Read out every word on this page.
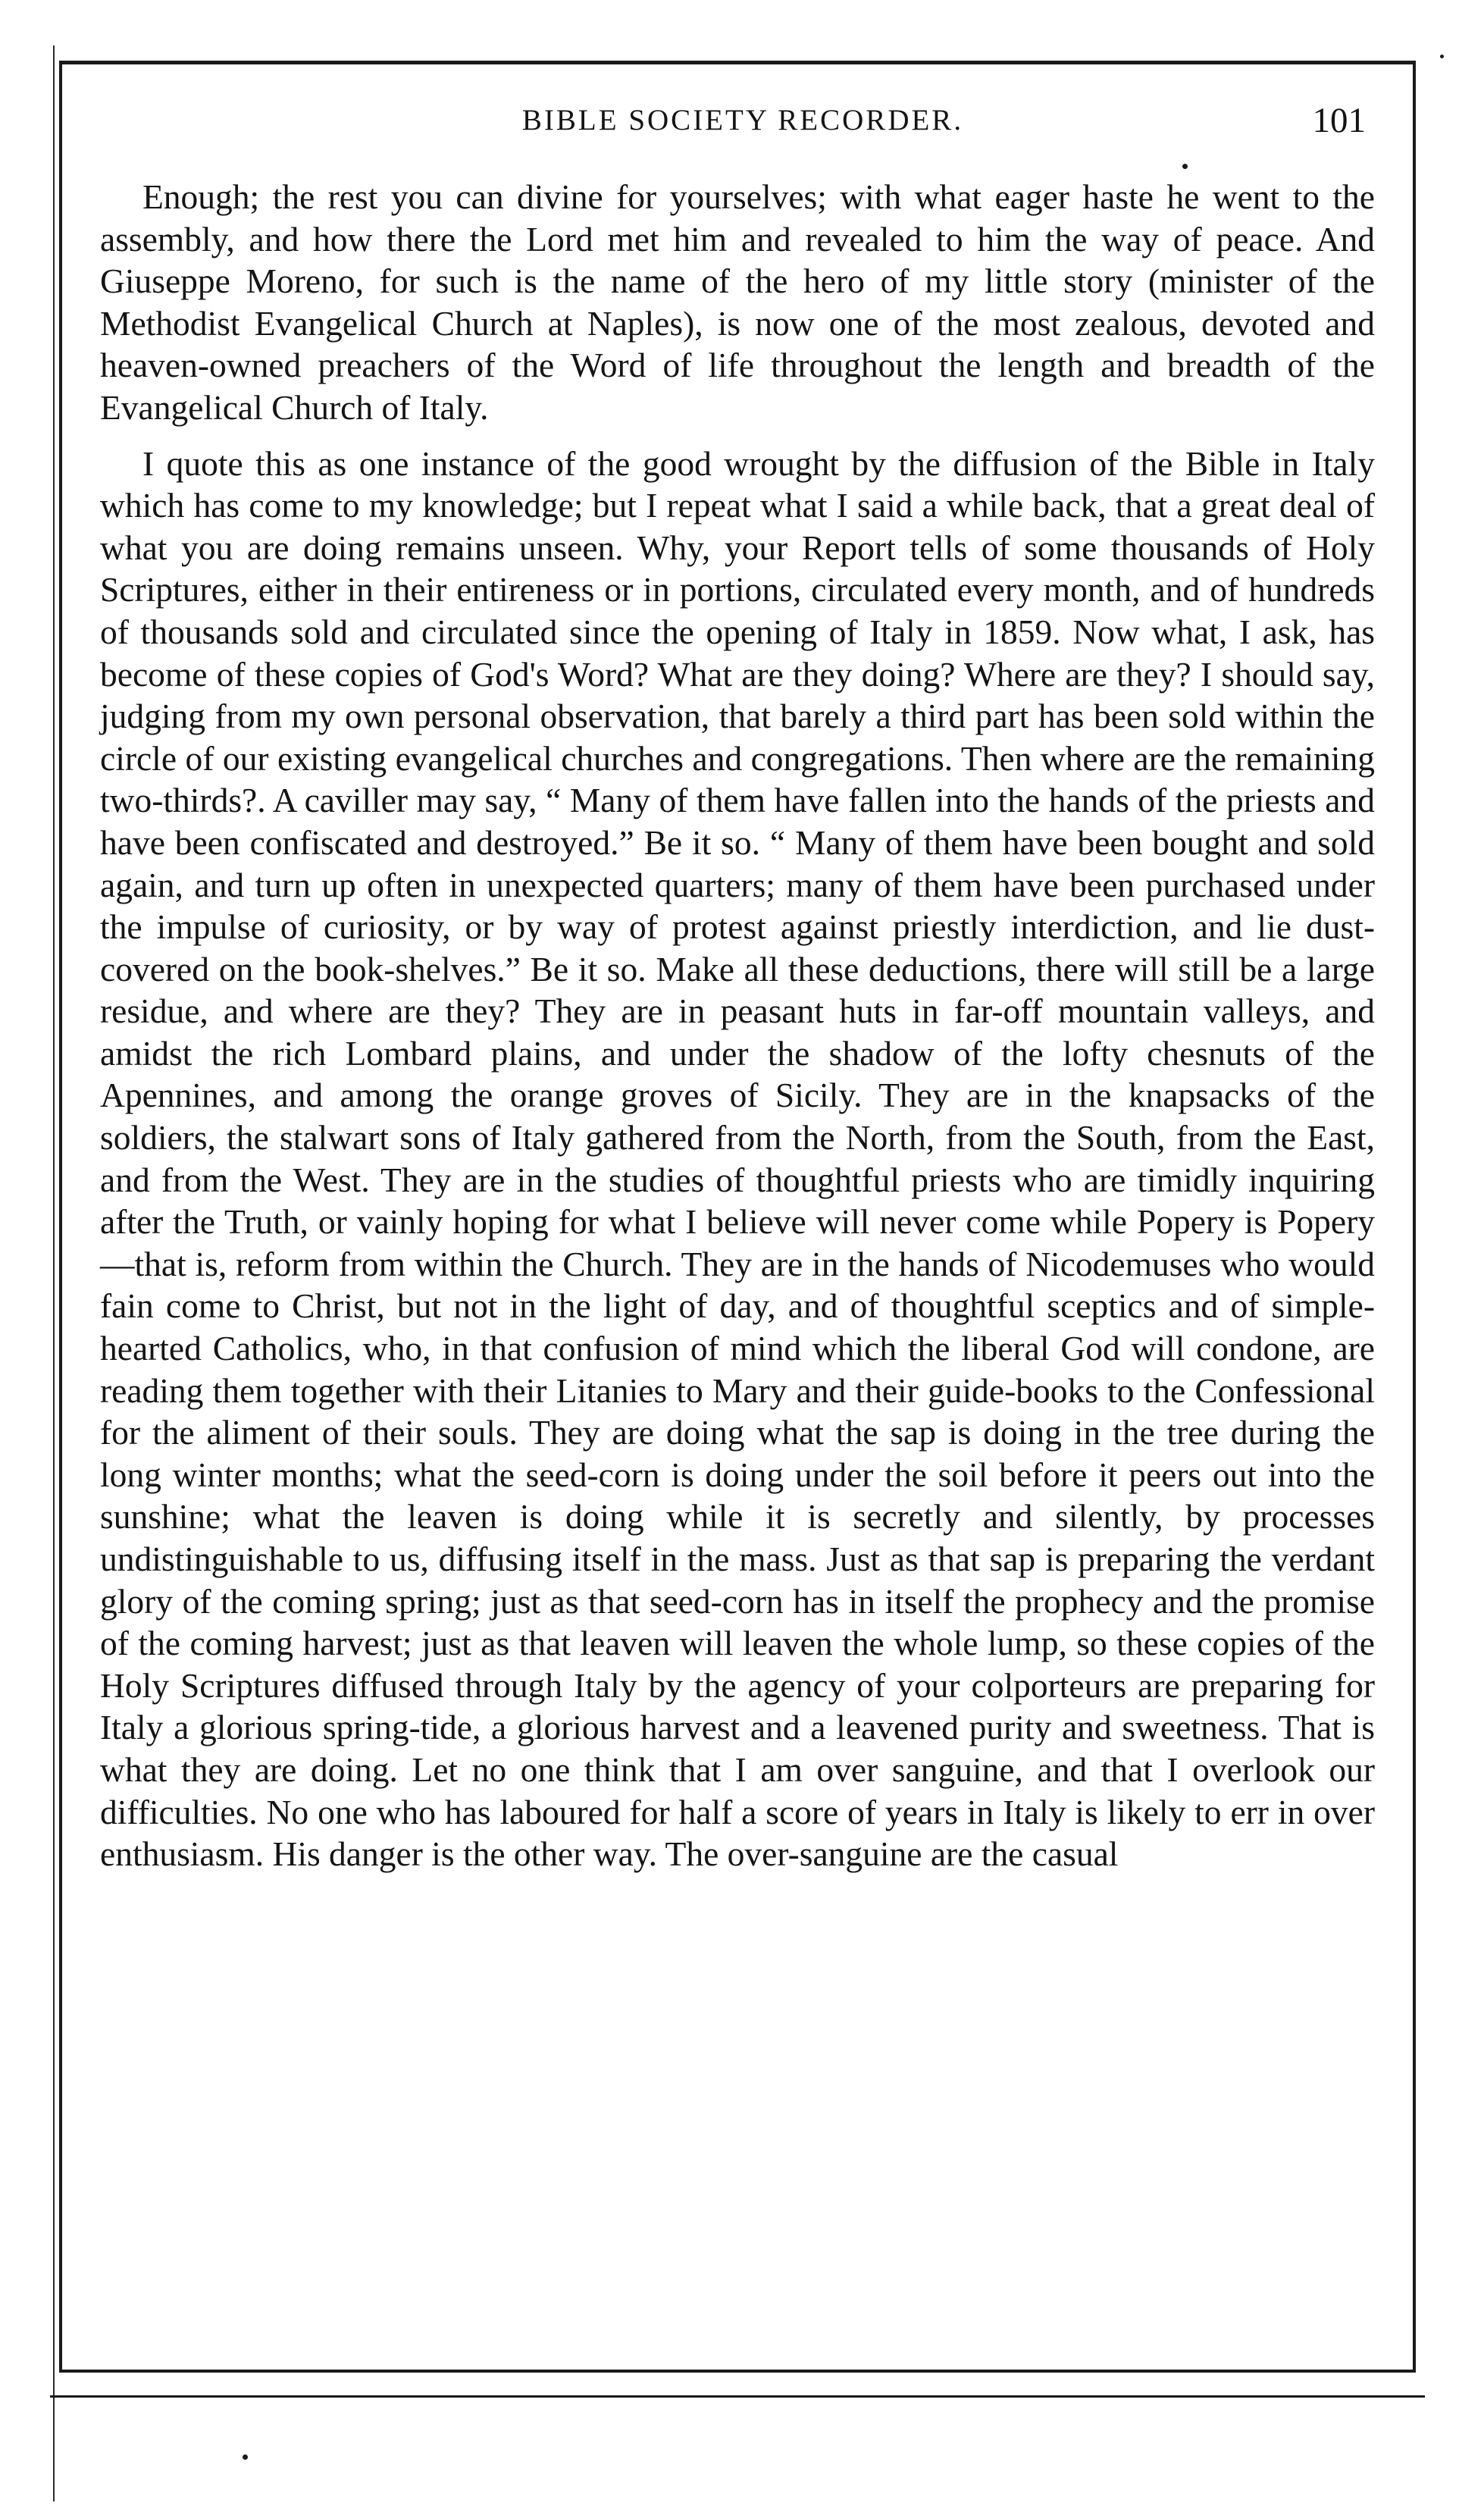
BIBLE SOCIETY RECORDER.	101

Enough; the rest you can divine for yourselves; with what eager haste he went to the assembly, and how there the Lord met him and revealed to him the way of peace. And Giuseppe Moreno, for such is the name of the hero of my little story (minister of the Methodist Evangelical Church at Naples), is now one of the most zealous, devoted and heaven-owned preachers of the Word of life throughout the length and breadth of the Evangelical Church of Italy.

I quote this as one instance of the good wrought by the diffusion of the Bible in Italy which has come to my knowledge; but I repeat what I said a while back, that a great deal of what you are doing remains unseen. Why, your Report tells of some thousands of Holy Scriptures, either in their entireness or in portions, circulated every month, and of hundreds of thousands sold and circulated since the opening of Italy in 1859. Now what, I ask, has become of these copies of God's Word? What are they doing? Where are they? I should say, judging from my own personal observation, that barely a third part has been sold within the circle of our existing evangelical churches and congregations. Then where are the remaining two-thirds?. A caviller may say, “ Many of them have fallen into the hands of the priests and have been confiscated and destroyed.” Be it so. “ Many of them have been bought and sold again, and turn up often in unexpected quarters; many of them have been purchased under the impulse of curiosity, or by way of protest against priestly interdiction, and lie dust-covered on the book-shelves.” Be it so. Make all these deductions, there will still be a large residue, and where are they? They are in peasant huts in far-off mountain valleys, and amidst the rich Lombard plains, and under the shadow of the lofty chesnuts of the Apennines, and among the orange groves of Sicily. They are in the knapsacks of the soldiers, the stalwart sons of Italy gathered from the North, from the South, from the East, and from the West. They are in the studies of thoughtful priests who are timidly inquiring after the Truth, or vainly hoping for what I believe will never come while Popery is Popery—that is, reform from within the Church. They are in the hands of Nicodemuses who would fain come to Christ, but not in the light of day, and of thoughtful sceptics and of simple-hearted Catholics, who, in that confusion of mind which the liberal God will condone, are reading them together with their Litanies to Mary and their guide-books to the Confessional for the aliment of their souls. They are doing what the sap is doing in the tree during the long winter months; what the seed-corn is doing under the soil before it peers out into the sunshine; what the leaven is doing while it is secretly and silently, by processes undistinguishable to us, diffusing itself in the mass. Just as that sap is preparing the verdant glory of the coming spring; just as that seed-corn has in itself the prophecy and the promise of the coming harvest; just as that leaven will leaven the whole lump, so these copies of the Holy Scriptures diffused through Italy by the agency of your colporteurs are preparing for Italy a glorious spring-tide, a glorious harvest and a leavened purity and sweetness. That is what they are doing. Let no one think that I am over sanguine, and that I overlook our difficulties. No one who has laboured for half a score of years in Italy is likely to err in over enthusiasm. His danger is the other way. The over-sanguine are the casual
